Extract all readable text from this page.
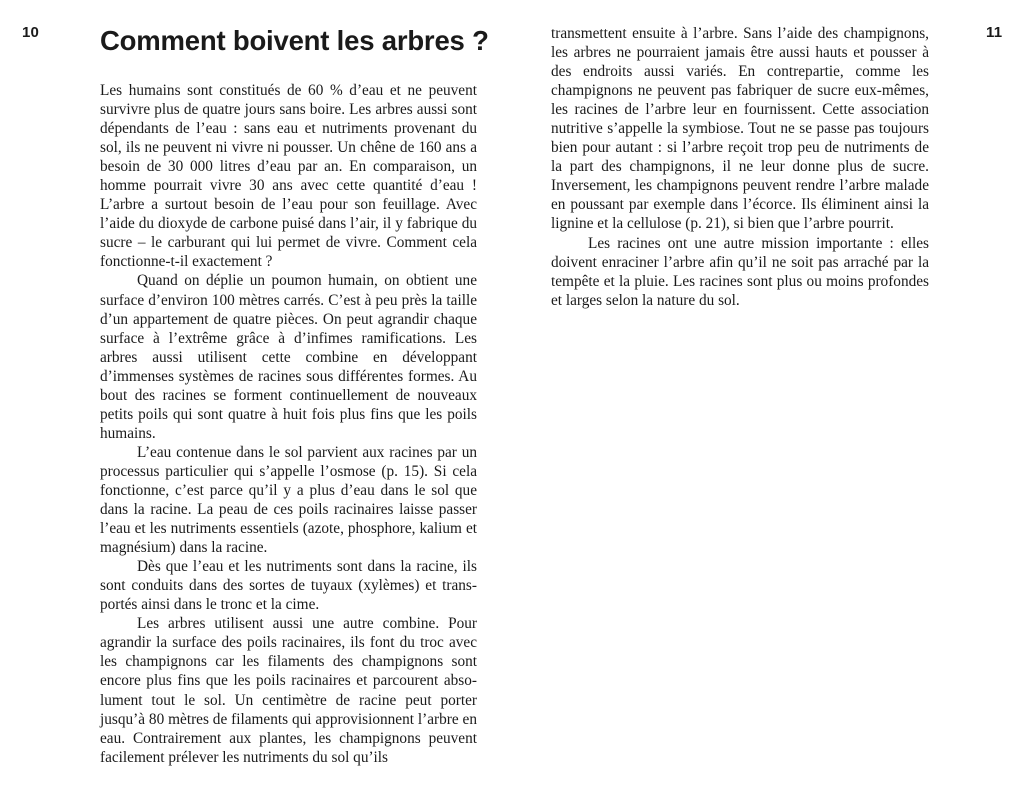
10 Comment boivent les arbres ?

Les humains sont constitués de 60 % d’eau et ne peuvent survivre plus de quatre jours sans boire. Les arbres aussi sont dépendants de l’eau : sans eau et nutriments provenant du sol, ils ne peuvent ni vivre ni pousser. Un chêne de 160 ans a besoin de 30 000 litres d’eau par an. En comparaison, un homme pourrait vivre 30 ans avec cette quantité d’eau ! L’arbre a surtout besoin de l’eau pour son feuillage. Avec l’aide du dioxyde de carbone puisé dans l’air, il y fabrique du sucre – le carburant qui lui permet de vivre. Comment cela fonctionne-t-il exactement ?

Quand on déplie un poumon humain, on obtient une surface d’environ 100 mètres carrés. C’est à peu près la taille d’un appartement de quatre pièces. On peut agrandir chaque surface à l’extrême grâce à d’infimes ramifications. Les arbres aussi utilisent cette combine en développant d’immenses systèmes de racines sous différentes formes. Au bout des racines se forment continuellement de nouveaux petits poils qui sont quatre à huit fois plus fins que les poils humains.

L’eau contenue dans le sol parvient aux racines par un processus particulier qui s’appelle l’osmose (p. 15). Si cela fonctionne, c’est parce qu’il y a plus d’eau dans le sol que dans la racine. La peau de ces poils racinaires laisse passer l’eau et les nutriments essentiels (azote, phosphore, kalium et magnésium) dans la racine.

Dès que l’eau et les nutriments sont dans la racine, ils sont conduits dans des sortes de tuyaux (xylèmes) et transportés ainsi dans le tronc et la cime.

Les arbres utilisent aussi une autre combine. Pour agrandir la surface des poils racinaires, ils font du troc avec les champignons car les filaments des champignons sont encore plus fins que les poils racinaires et parcourent absolument tout le sol. Un centimètre de racine peut porter jusqu’à 80 mètres de filaments qui approvisionnent l’arbre en eau. Contrairement aux plantes, les champignons peuvent facilement prélever les nutriments du sol qu’ils

transmettent ensuite à l’arbre. Sans l’aide des champignons, les arbres ne pourraient jamais être aussi hauts et pousser à des endroits aussi variés. En contrepartie, comme les champignons ne peuvent pas fabriquer de sucre eux-mêmes, les racines de l’arbre leur en fournissent. Cette association nutritive s’appelle la symbiose. Tout ne se passe pas toujours bien pour autant : si l’arbre reçoit trop peu de nutriments de la part des champignons, il ne leur donne plus de sucre. Inversement, les champignons peuvent rendre l’arbre malade en poussant par exemple dans l’écorce. Ils éliminent ainsi la lignine et la cellulose (p. 21), si bien que l’arbre pourrit.

Les racines ont une autre mission importante : elles doivent enraciner l’arbre afin qu’il ne soit pas arraché par la tempête et la pluie. Les racines sont plus ou moins profondes et larges selon la nature du sol.

11
